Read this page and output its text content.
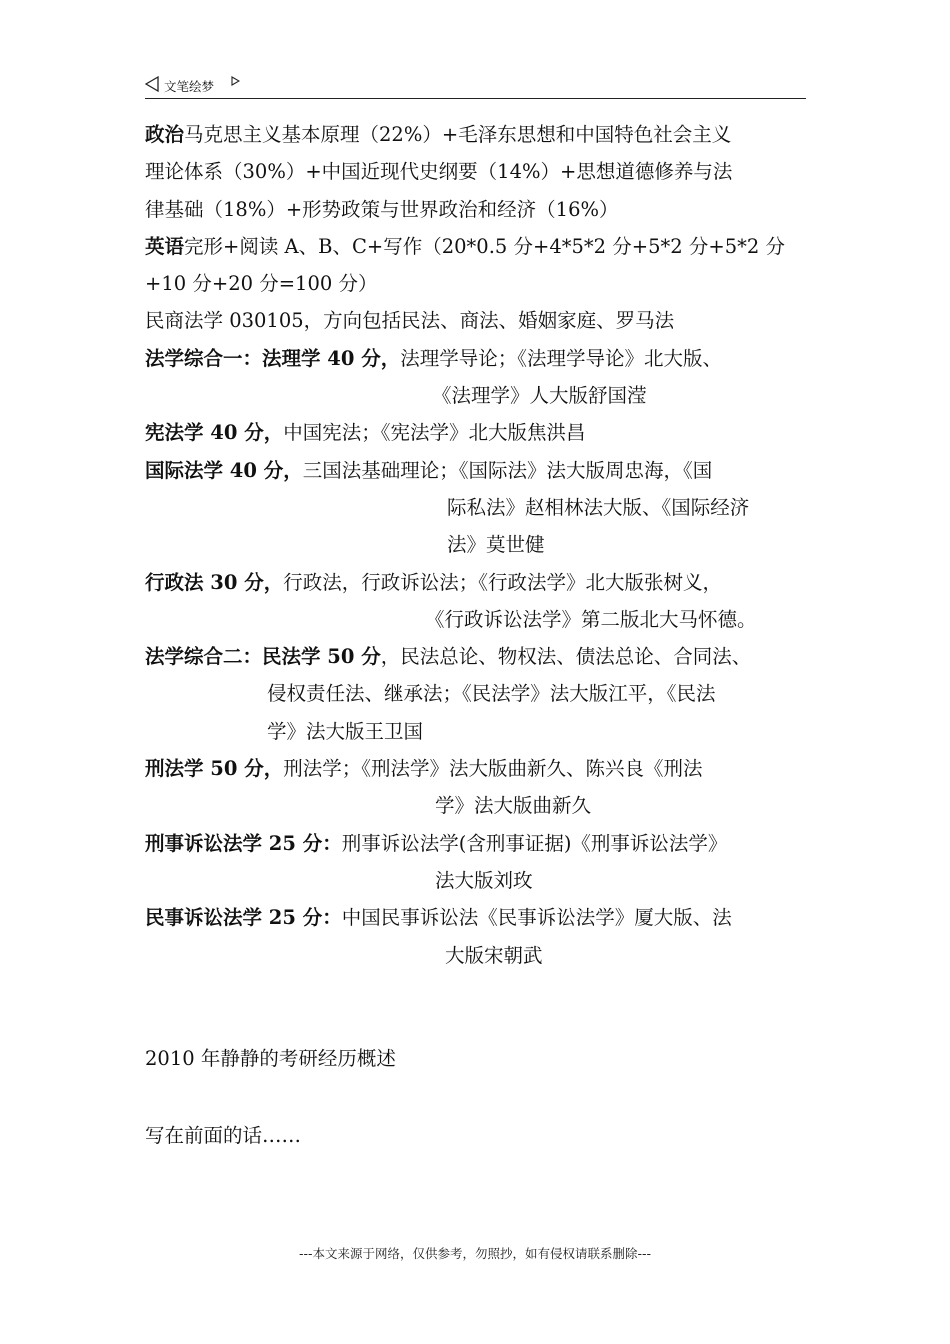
文笔绘梦
政治马克思主义基本原理（22%）+毛泽东思想和中国特色社会主义
理论体系（30%）+中国近现代史纲要（14%）+思想道德修养与法
律基础（18%）+形势政策与世界政治和经济（16%）
英语完形+阅读 A、B、C+写作（20*0.5 分+4*5*2 分+5*2 分+5*2 分
+10 分+20 分=100 分）
民商法学 030105，方向包括民法、商法、婚姻家庭、罗马法
法学综合一：法理学 40 分，法理学导论；《法理学导论》北大版、
《法理学》人大版舒国滢
宪法学 40 分，中国宪法；《宪法学》北大版焦洪昌
国际法学 40 分，三国法基础理论；《国际法》法大版周忠海，《国
际私法》赵相林法大版、《国际经济
法》莫世健
行政法 30 分，行政法，行政诉讼法；《行政法学》北大版张树义，
《行政诉讼法学》第二版北大马怀德。
法学综合二：民法学 50 分，民法总论、物权法、债法总论、合同法、
侵权责任法、继承法；《民法学》法大版江平，《民法
学》法大版王卫国
刑法学 50 分，刑法学；《刑法学》法大版曲新久、陈兴良《刑法
学》法大版曲新久
刑事诉讼法学 25 分：刑事诉讼法学(含刑事证据)《刑事诉讼法学》
法大版刘玫
民事诉讼法学 25 分：中国民事诉讼法《民事诉讼法学》厦大版、法
大版宋朝武
2010 年静静的考研经历概述
写在前面的话……
---本文来源于网络，仅供参考，勿照抄，如有侵权请联系删除---
